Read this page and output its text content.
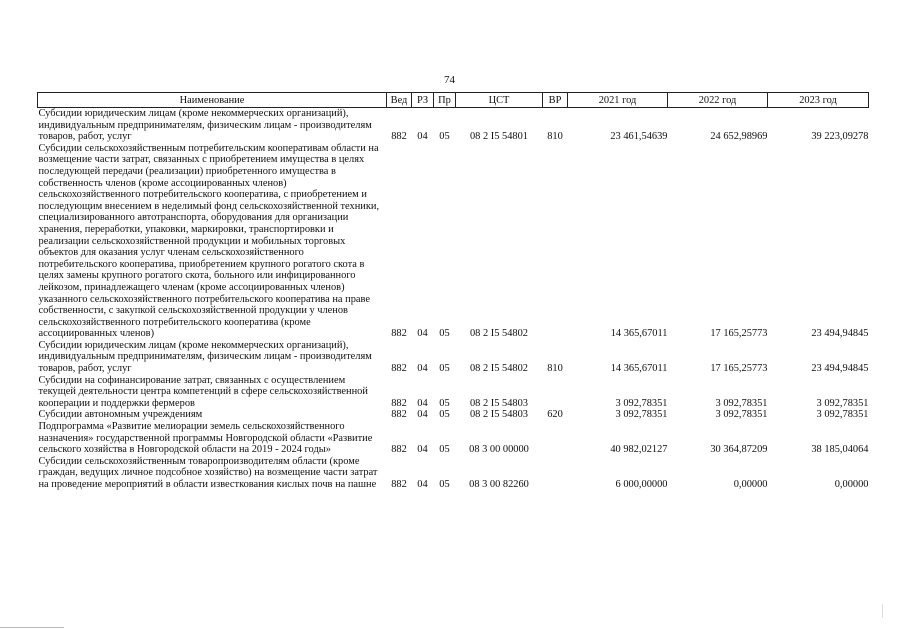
74
Наименование	Вед	РЗ	Пр	ЦСТ	ВР	2021 год	2022 год	2023 год
Субсидии юридическим лицам (кроме некоммерческих организаций), индивидуальным предпринимателям, физическим лицам - производителям товаров, работ, услуг	882	04	05	08 2 I5 54801	810	23 461,54639	24 652,98969	39 223,09278
Субсидии сельскохозяйственным потребительским кооперативам области на возмещение части затрат, связанных с приобретением имущества в целях последующей передачи (реализации) приобретенного имущества в собственность членов (кроме ассоциированных членов) сельскохозяйственного потребительского кооператива, с приобретением и последующим внесением в неделимый фонд сельскохозяйственной техники, специализированного автотранспорта, оборудования для организации хранения, переработки, упаковки, маркировки, транспортировки и реализации сельскохозяйственной продукции и мобильных торговых объектов для оказания услуг членам сельскохозяйственного потребительского кооператива, приобретением крупного рогатого скота в целях замены крупного рогатого скота, больного или инфицированного лейкозом, принадлежащего членам (кроме ассоциированных членов) указанного сельскохозяйственного потребительского кооператива на праве собственности, с закупкой сельскохозяйственной продукции у членов сельскохозяйственного потребительского кооператива (кроме ассоциированных членов)	882	04	05	08 2 I5 54802		14 365,67011	17 165,25773	23 494,94845
Субсидии юридическим лицам (кроме некоммерческих организаций), индивидуальным предпринимателям, физическим лицам - производителям товаров, работ, услуг	882	04	05	08 2 I5 54802	810	14 365,67011	17 165,25773	23 494,94845
Субсидии на софинансирование затрат, связанных с осуществлением текущей деятельности центра компетенций в сфере сельскохозяйственной кооперации и поддержки фермеров	882	04	05	08 2 I5 54803		3 092,78351	3 092,78351	3 092,78351
Субсидии автономным учреждениям	882	04	05	08 2 I5 54803	620	3 092,78351	3 092,78351	3 092,78351
Подпрограмма «Развитие мелиорации земель сельскохозяйственного назначения» государственной программы Новгородской области «Развитие сельского хозяйства в Новгородской области на 2019 - 2024 годы»	882	04	05	08 3 00 00000		40 982,02127	30 364,87209	38 185,04064
Субсидии сельскохозяйственным товаропроизводителям области (кроме граждан, ведущих личное подсобное хозяйство) на возмещение части затрат на проведение мероприятий в области известкования кислых почв на пашне	882	04	05	08 3 00 82260		6 000,00000	0,00000	0,00000
